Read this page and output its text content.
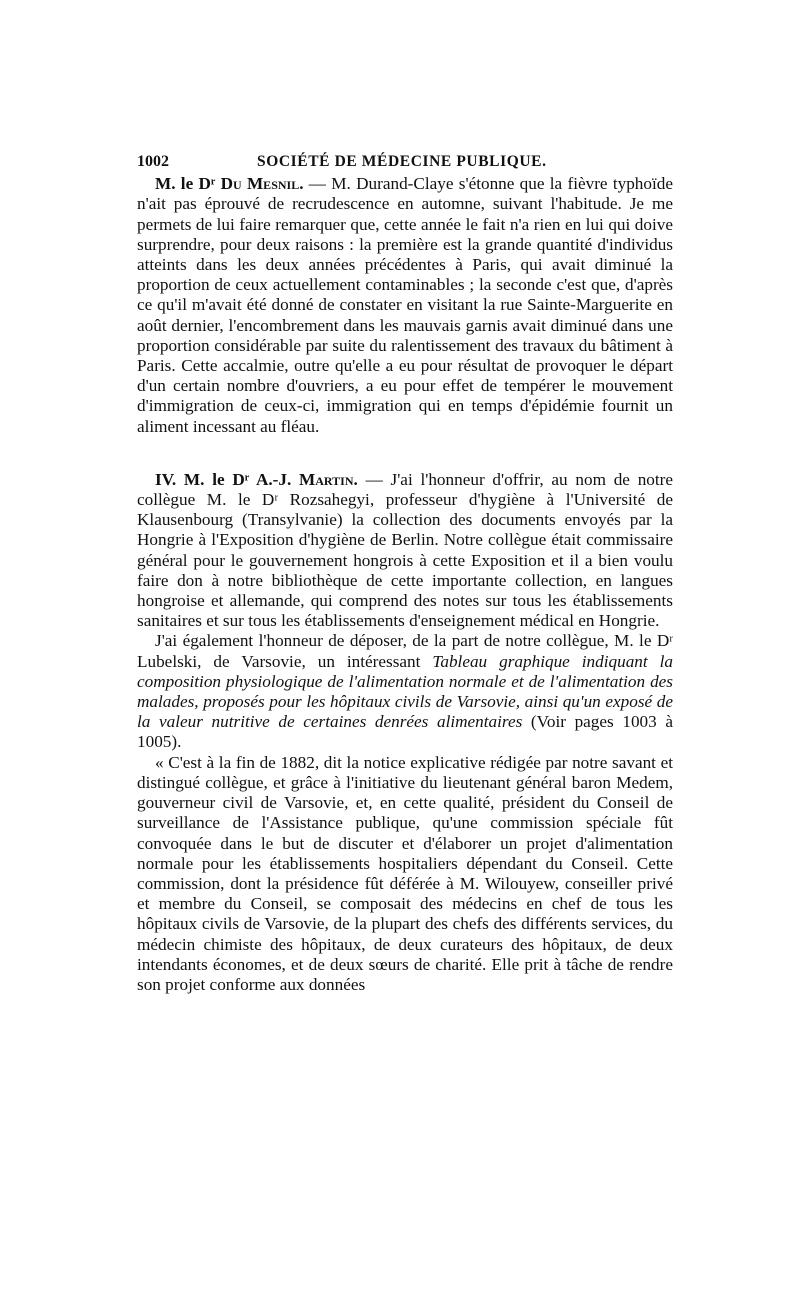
1002	SOCIÉTÉ DE MÉDECINE PUBLIQUE.

M. le Dʳ Du Mesnil. — M. Durand-Claye s'étonne que la fièvre typhoïde n'ait pas éprouvé de recrudescence en automne, suivant l'habitude. Je me permets de lui faire remarquer que, cette année le fait n'a rien en lui qui doive surprendre, pour deux raisons : la première est la grande quantité d'individus atteints dans les deux années précédentes à Paris, qui avait diminué la proportion de ceux actuellement contaminables ; la seconde c'est que, d'après ce qu'il m'avait été donné de constater en visitant la rue Sainte-Marguerite en août dernier, l'encombrement dans les mauvais garnis avait diminué dans une proportion considérable par suite du ralentissement des travaux du bâtiment à Paris. Cette accalmie, outre qu'elle a eu pour résultat de provoquer le départ d'un certain nombre d'ouvriers, a eu pour effet de tempérer le mouvement d'immigration de ceux-ci, immigration qui en temps d'épidémie fournit un aliment incessant au fléau.

IV. M. le Dʳ A.-J. Martin. — J'ai l'honneur d'offrir, au nom de notre collègue M. le Dʳ Rozsahegyi, professeur d'hygiène à l'Université de Klausenbourg (Transylvanie) la collection des documents envoyés par la Hongrie à l'Exposition d'hygiène de Berlin. Notre collègue était commissaire général pour le gouvernement hongrois à cette Exposition et il a bien voulu faire don à notre bibliothèque de cette importante collection, en langues hongroise et allemande, qui comprend des notes sur tous les établissements sanitaires et sur tous les établissements d'enseignement médical en Hongrie.

J'ai également l'honneur de déposer, de la part de notre collègue, M. le Dʳ Lubelski, de Varsovie, un intéressant Tableau graphique indiquant la composition physiologique de l'alimentation normale et de l'alimentation des malades, proposés pour les hôpitaux civils de Varsovie, ainsi qu'un exposé de la valeur nutritive de certaines denrées alimentaires (Voir pages 1003 à 1005).

« C'est à la fin de 1882, dit la notice explicative rédigée par notre savant et distingué collègue, et grâce à l'initiative du lieutenant général baron Medem, gouverneur civil de Varsovie, et, en cette qualité, président du Conseil de surveillance de l'Assistance publique, qu'une commission spéciale fût convoquée dans le but de discuter et d'élaborer un projet d'alimentation normale pour les établissements hospitaliers dépendant du Conseil. Cette commission, dont la présidence fût déférée à M. Wilouyew, conseiller privé et membre du Conseil, se composait des médecins en chef de tous les hôpitaux civils de Varsovie, de la plupart des chefs des différents services, du médecin chimiste des hôpitaux, de deux curateurs des hôpitaux, de deux intendants économes, et de deux sœurs de charité. Elle prit à tâche de rendre son projet conforme aux données
